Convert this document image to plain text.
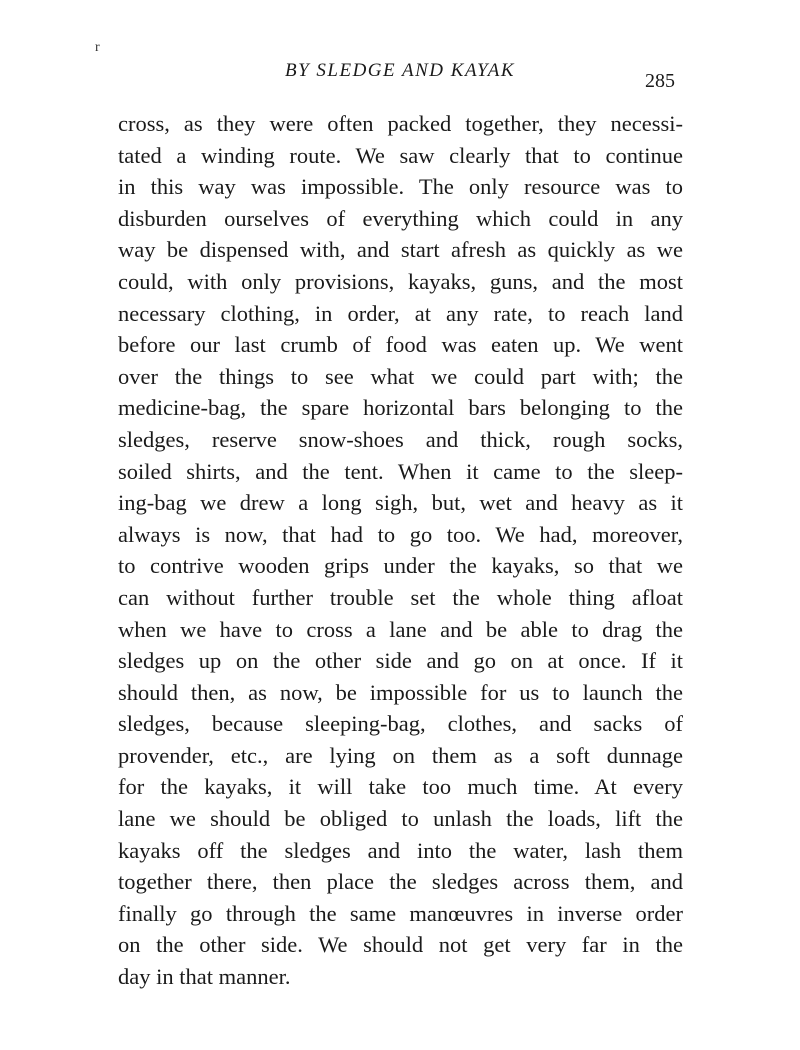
r
BY SLEDGE AND KAYAK	285
cross, as they were often packed together, they necessi-
tated a winding route. We saw clearly that to continue
in this way was impossible. The only resource was to
disburden ourselves of everything which could in any
way be dispensed with, and start afresh as quickly as we
could, with only provisions, kayaks, guns, and the most
necessary clothing, in order, at any rate, to reach land
before our last crumb of food was eaten up. We went
over the things to see what we could part with; the
medicine-bag, the spare horizontal bars belonging to the
sledges, reserve snow-shoes and thick, rough socks,
soiled shirts, and the tent. When it came to the sleep-
ing-bag we drew a long sigh, but, wet and heavy as it
always is now, that had to go too. We had, moreover,
to contrive wooden grips under the kayaks, so that we
can without further trouble set the whole thing afloat
when we have to cross a lane and be able to drag the
sledges up on the other side and go on at once. If it
should then, as now, be impossible for us to launch the
sledges, because sleeping-bag, clothes, and sacks of
provender, etc., are lying on them as a soft dunnage
for the kayaks, it will take too much time. At every
lane we should be obliged to unlash the loads, lift the
kayaks off the sledges and into the water, lash them
together there, then place the sledges across them, and
finally go through the same manœuvres in inverse order
on the other side. We should not get very far in the
day in that manner.
